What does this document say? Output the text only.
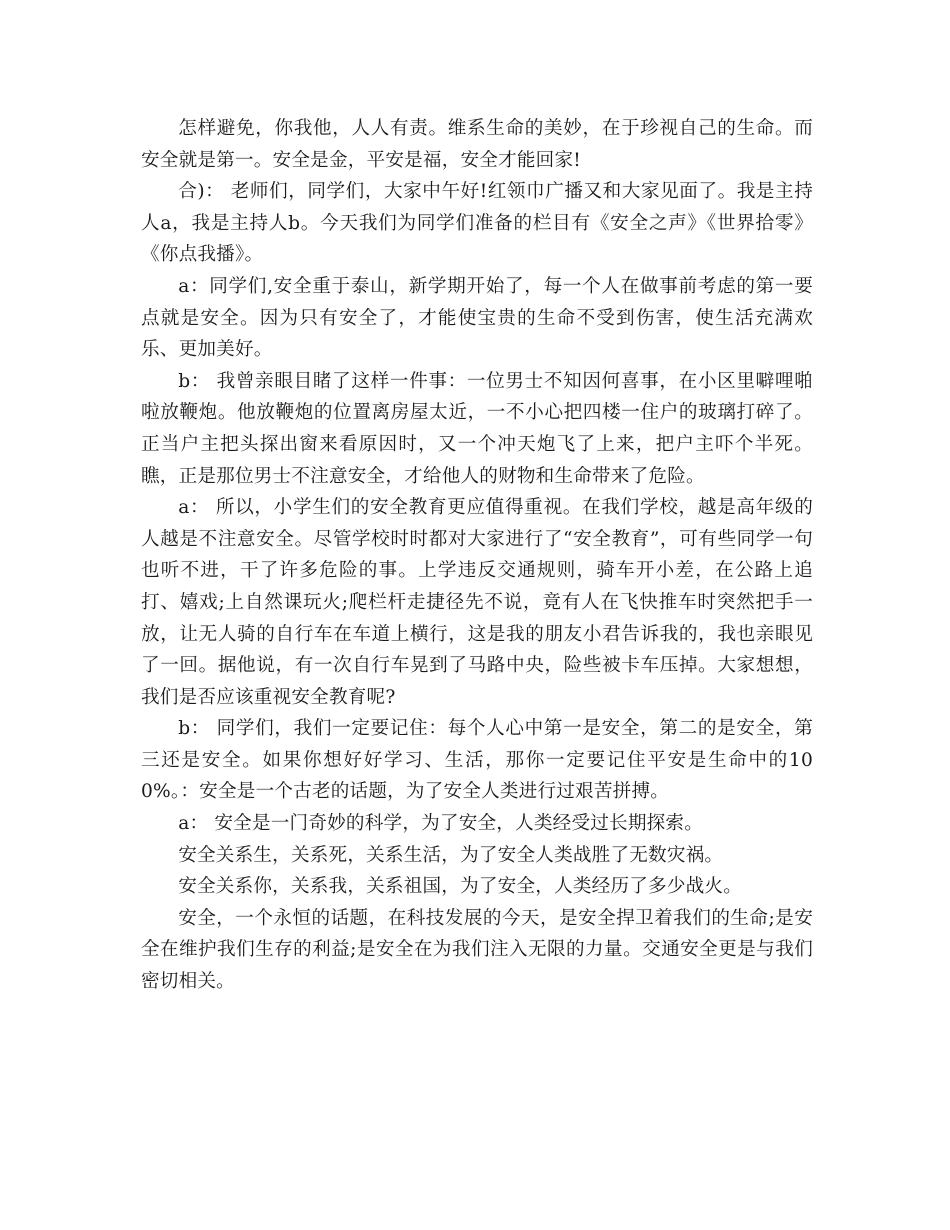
怎样避免，你我他，人人有责。维系生命的美妙，在于珍视自己的生命。而安全就是第一。安全是金，平安是福，安全才能回家!

合)： 老师们，同学们，大家中午好!红领巾广播又和大家见面了。我是主持人a，我是主持人b。今天我们为同学们准备的栏目有《安全之声》《世界拾零》《你点我播》。

a：同学们,安全重于泰山，新学期开始了，每一个人在做事前考虑的第一要点就是安全。因为只有安全了，才能使宝贵的生命不受到伤害，使生活充满欢乐、更加美好。

b： 我曾亲眼目睹了这样一件事：一位男士不知因何喜事，在小区里噼哩啪啦放鞭炮。他放鞭炮的位置离房屋太近，一不小心把四楼一住户的玻璃打碎了。正当户主把头探出窗来看原因时，又一个冲天炮飞了上来，把户主吓个半死。瞧，正是那位男士不注意安全，才给他人的财物和生命带来了危险。

a： 所以，小学生们的安全教育更应值得重视。在我们学校，越是高年级的人越是不注意安全。尽管学校时时都对大家进行了“安全教育”，可有些同学一句也听不进，干了许多危险的事。上学违反交通规则，骑车开小差，在公路上追打、嬉戏;上自然课玩火;爬栏杆走捷径先不说，竟有人在飞快推车时突然把手一放，让无人骑的自行车在车道上横行，这是我的朋友小君告诉我的，我也亲眼见了一回。据他说，有一次自行车晃到了马路中央，险些被卡车压掉。大家想想，我们是否应该重视安全教育呢?

b： 同学们，我们一定要记住：每个人心中第一是安全，第二的是安全，第三还是安全。如果你想好好学习、生活，那你一定要记住平安是生命中的100%。：安全是一个古老的话题，为了安全人类进行过艰苦拼搏。

a： 安全是一门奇妙的科学，为了安全，人类经受过长期探索。

安全关系生，关系死，关系生活，为了安全人类战胜了无数灾祸。

安全关系你，关系我，关系祖国，为了安全，人类经历了多少战火。

安全，一个永恒的话题，在科技发展的今天，是安全捍卫着我们的生命;是安全在维护我们生存的利益;是安全在为我们注入无限的力量。交通安全更是与我们密切相关。
